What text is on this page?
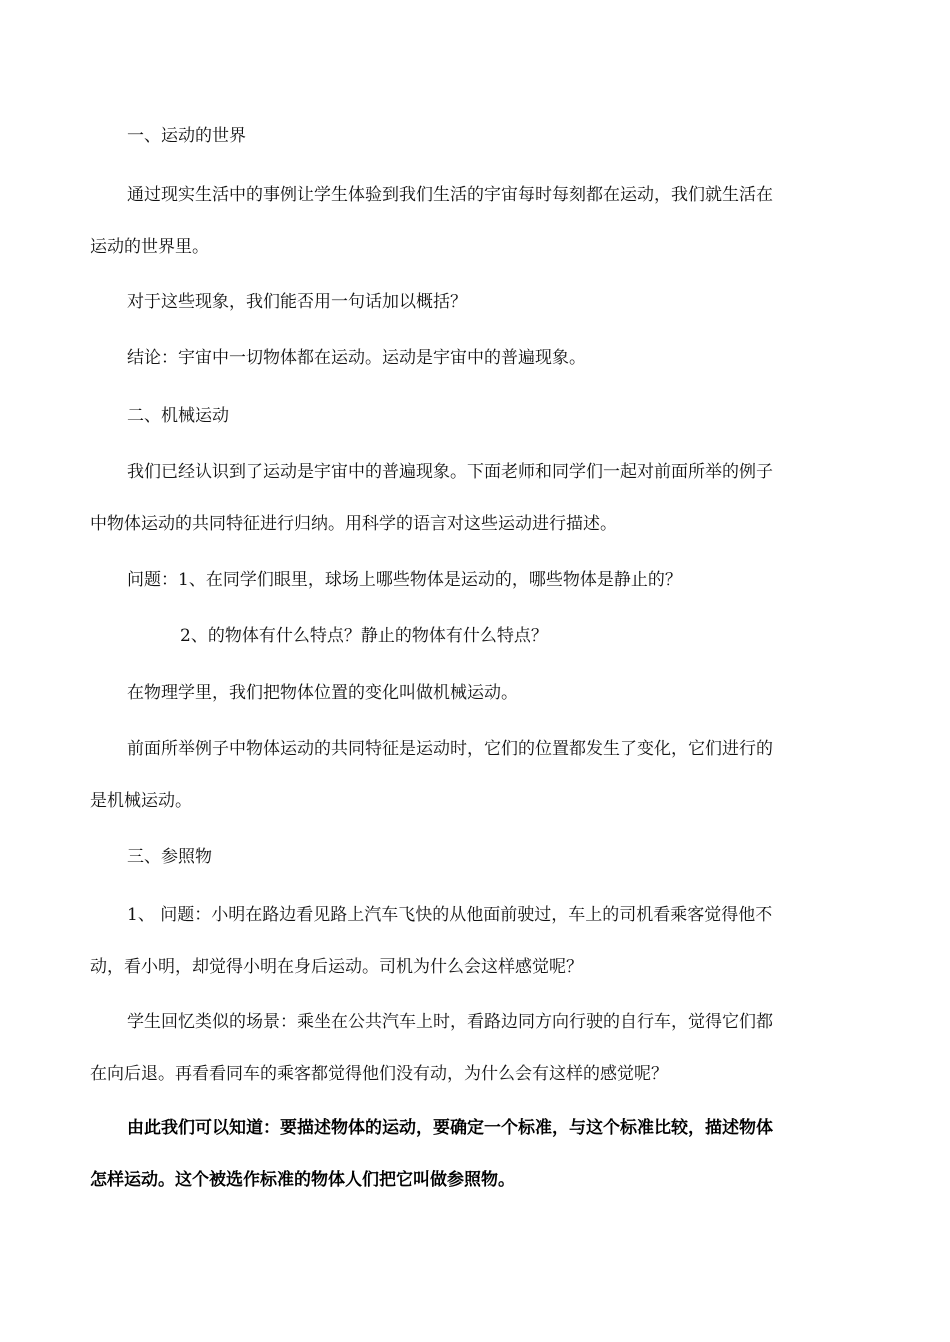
一、运动的世界
通过现实生活中的事例让学生体验到我们生活的宇宙每时每刻都在运动，我们就生活在
运动的世界里。
对于这些现象，我们能否用一句话加以概括？
结论：宇宙中一切物体都在运动。运动是宇宙中的普遍现象。
二、机械运动
我们已经认识到了运动是宇宙中的普遍现象。下面老师和同学们一起对前面所举的例子
中物体运动的共同特征进行归纳。用科学的语言对这些运动进行描述。
问题：1、在同学们眼里，球场上哪些物体是运动的，哪些物体是静止的？
2、的物体有什么特点？静止的物体有什么特点？
在物理学里，我们把物体位置的变化叫做机械运动。
前面所举例子中物体运动的共同特征是运动时，它们的位置都发生了变化，它们进行的
是机械运动。
三、参照物
1、 问题：小明在路边看见路上汽车飞快的从他面前驶过，车上的司机看乘客觉得他不
动，看小明，却觉得小明在身后运动。司机为什么会这样感觉呢？
学生回忆类似的场景：乘坐在公共汽车上时，看路边同方向行驶的自行车，觉得它们都
在向后退。再看看同车的乘客都觉得他们没有动，为什么会有这样的感觉呢？
由此我们可以知道：要描述物体的运动，要确定一个标准，与这个标准比较，描述物体
怎样运动。这个被选作标准的物体人们把它叫做参照物。
